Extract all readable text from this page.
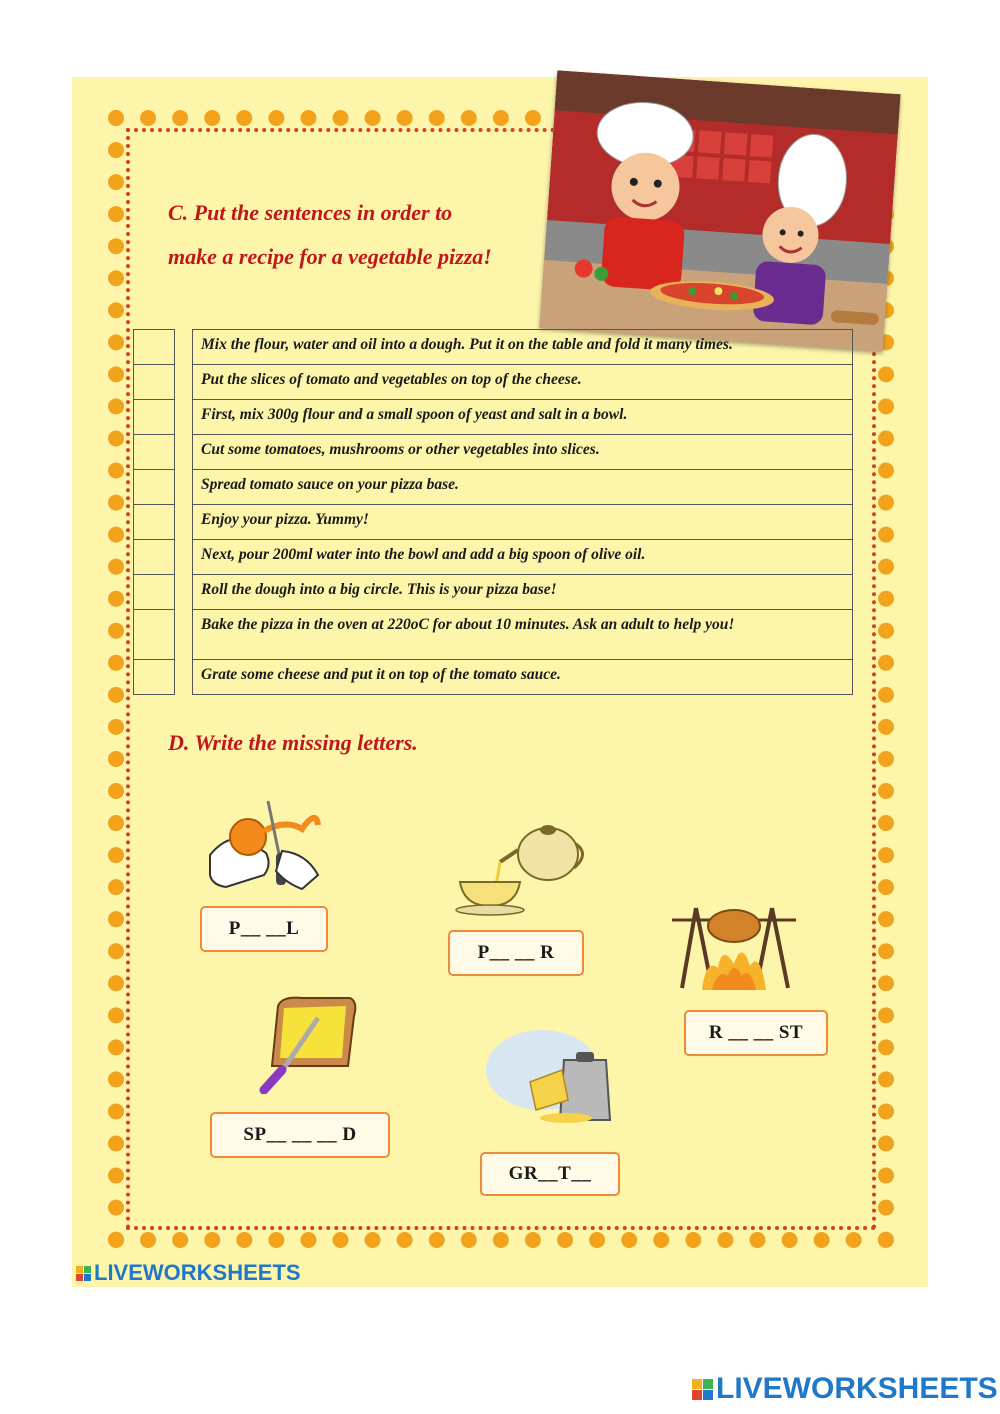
C. Put the sentences in order to
make a recipe for a vegetable pizza!
Mix the flour, water and oil into a dough. Put it on the table and fold it many times.
Put the slices of tomato and vegetables on top of the cheese.
First, mix 300g flour and a small spoon of yeast and salt in a bowl.
Cut some tomatoes, mushrooms or other vegetables into slices.
Spread tomato sauce on your pizza base.
Enjoy your pizza. Yummy!
Next, pour 200ml water into the bowl and add a big spoon of olive oil.
Roll the dough into a big circle. This is your pizza base!
Bake the pizza in the oven at 220oC for about 10 minutes. Ask an adult to help you!
Grate some cheese and put it on top of the tomato sauce.
D. Write the missing letters.
P__ __L
P__ __ R
R __ __ ST
SP__ __ __ D
GR__T__
LIVEWORKSHEETS
LIVEWORKSHEETS
